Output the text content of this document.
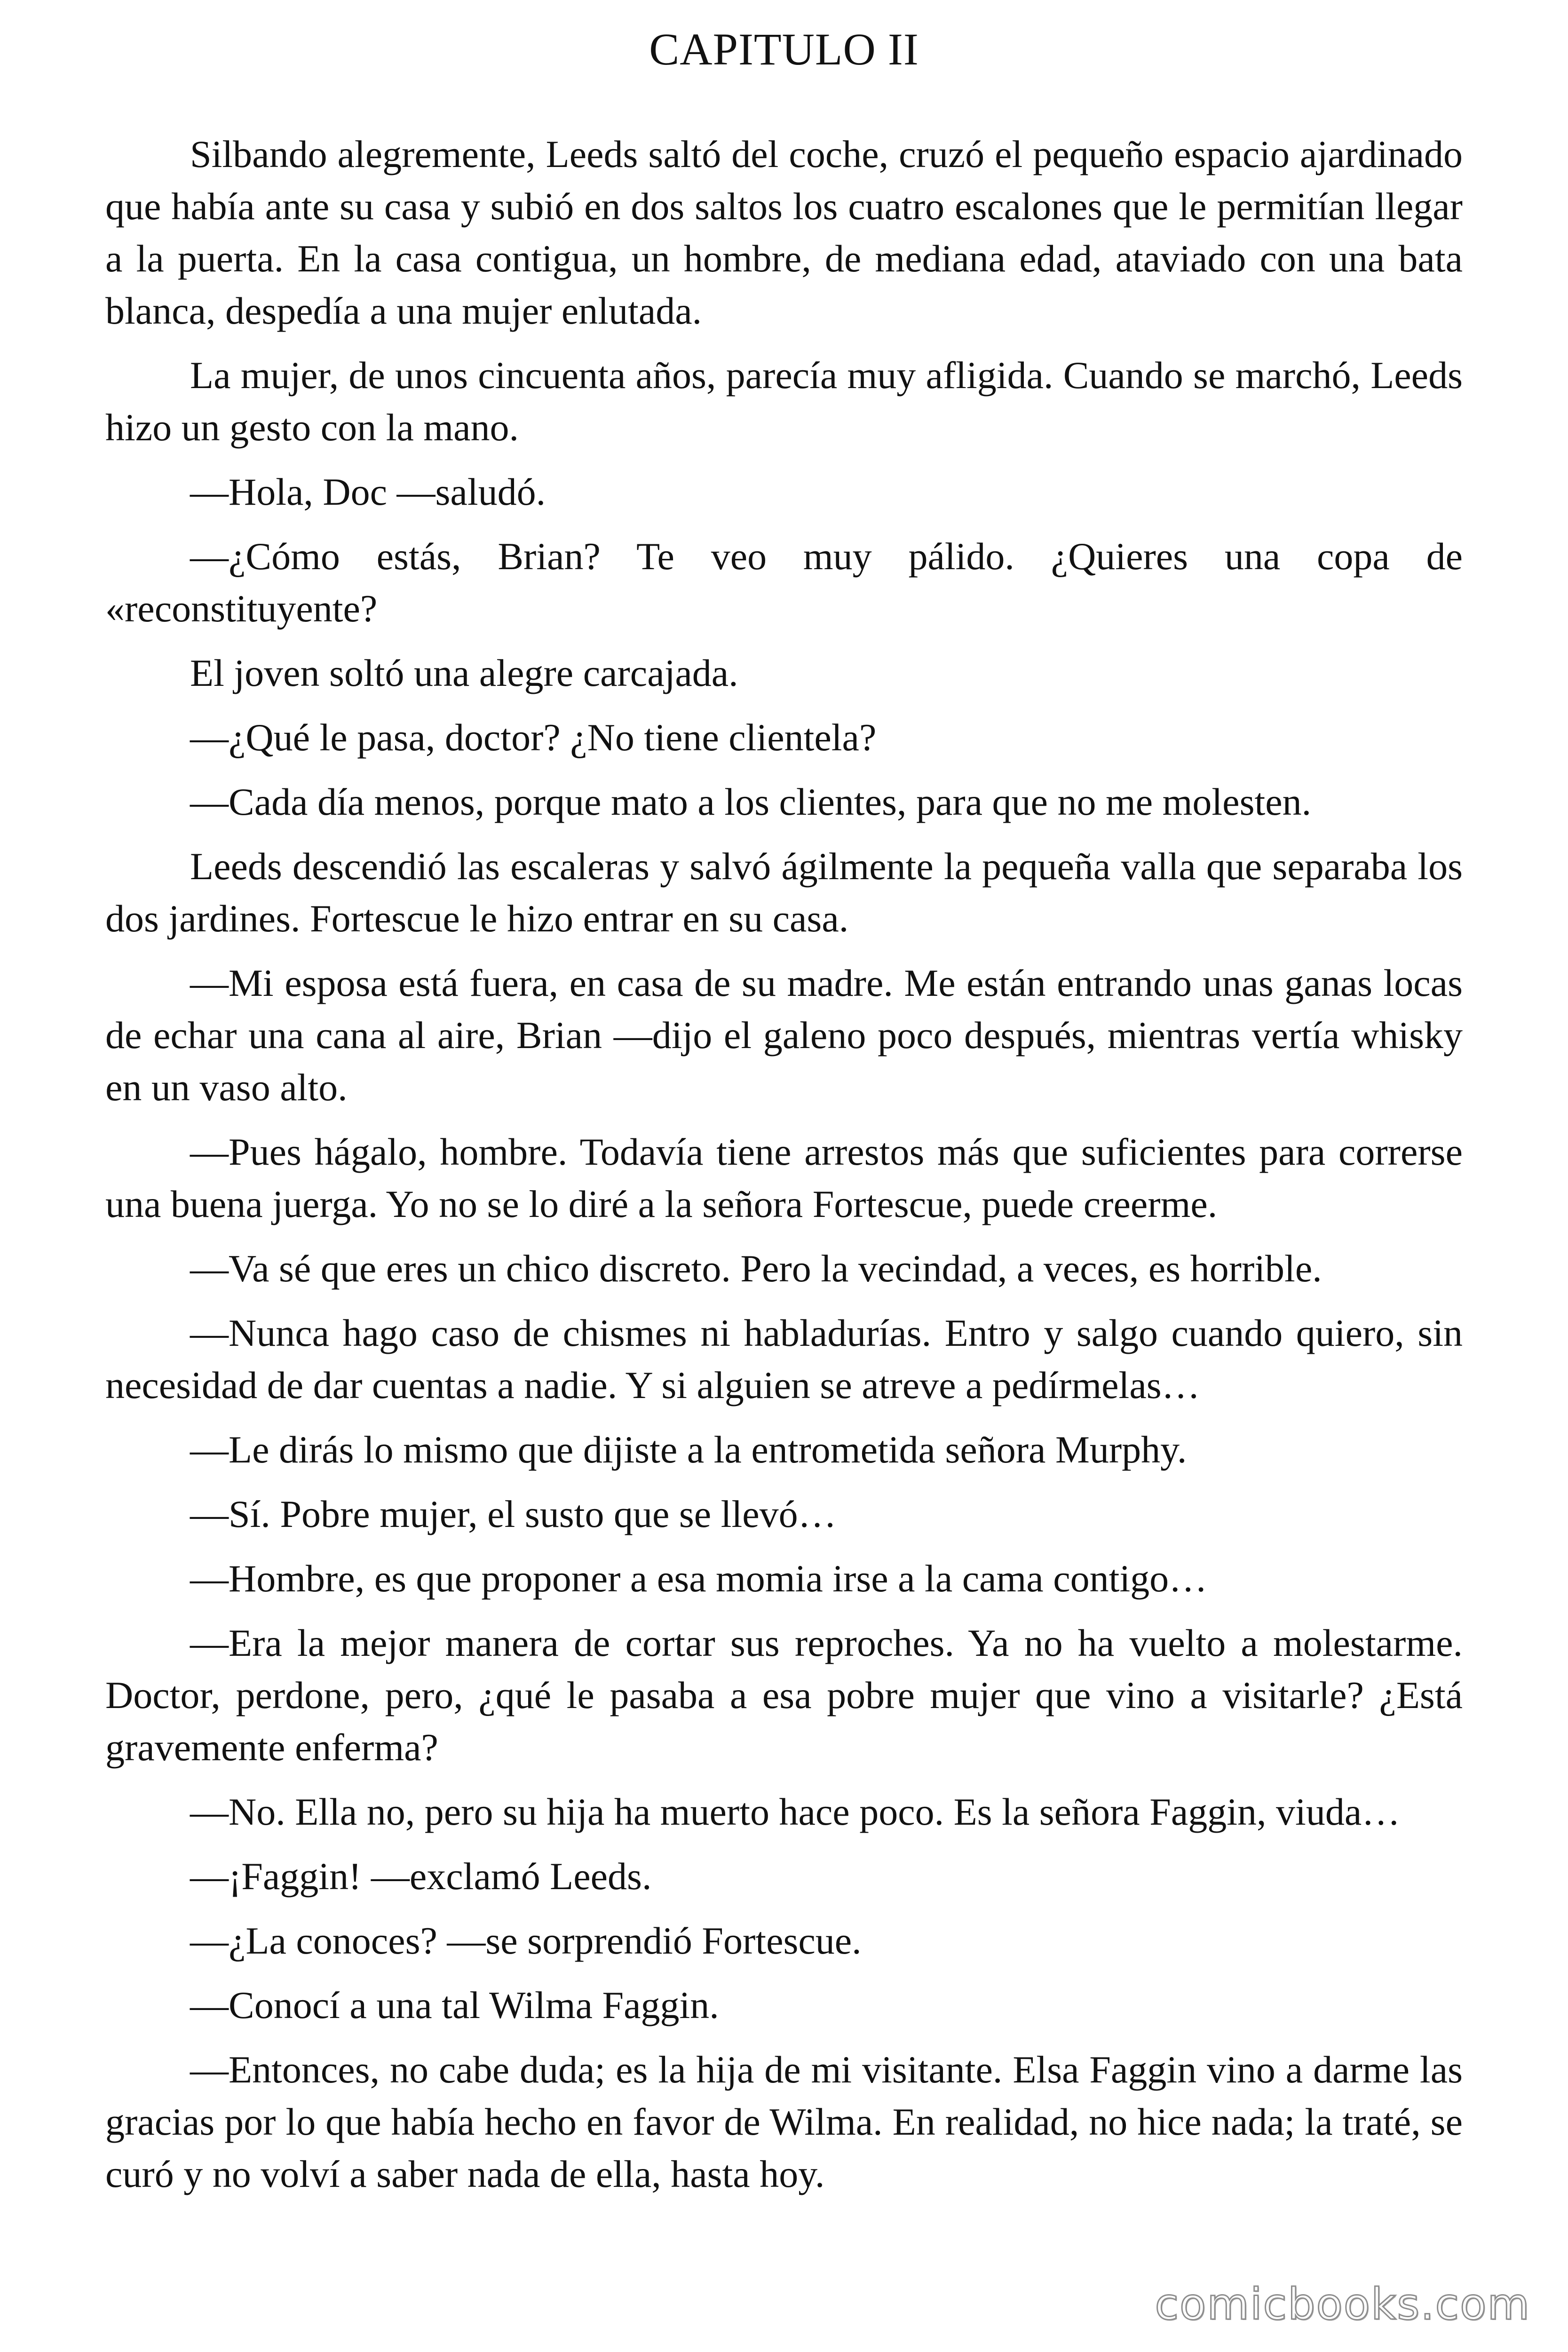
CAPITULO II

Silbando alegremente, Leeds saltó del coche, cruzó el pequeño espacio ajardinado que había ante su casa y subió en dos saltos los cuatro escalones que le permitían llegar a la puerta. En la casa contigua, un hombre, de mediana edad, ataviado con una bata blanca, despedía a una mujer enlutada.

La mujer, de unos cincuenta años, parecía muy afligida. Cuando se marchó, Leeds hizo un gesto con la mano.

—Hola, Doc —saludó.

—¿Cómo estás, Brian? Te veo muy pálido. ¿Quieres una copa de «reconstituyente?

El joven soltó una alegre carcajada.

—¿Qué le pasa, doctor? ¿No tiene clientela?

—Cada día menos, porque mato a los clientes, para que no me molesten.

Leeds descendió las escaleras y salvó ágilmente la pequeña valla que separaba los dos jardines. Fortescue le hizo entrar en su casa.

—Mi esposa está fuera, en casa de su madre. Me están entrando unas ganas locas de echar una cana al aire, Brian —dijo el galeno poco después, mientras vertía whisky en un vaso alto.

—Pues hágalo, hombre. Todavía tiene arrestos más que suficientes para correrse una buena juerga. Yo no se lo diré a la señora Fortescue, puede creerme.

—Va sé que eres un chico discreto. Pero la vecindad, a veces, es horrible.

—Nunca hago caso de chismes ni habladurías. Entro y salgo cuando quiero, sin necesidad de dar cuentas a nadie. Y si alguien se atreve a pedírmelas…

—Le dirás lo mismo que dijiste a la entrometida señora Murphy.

—Sí. Pobre mujer, el susto que se llevó…

—Hombre, es que proponer a esa momia irse a la cama contigo…

—Era la mejor manera de cortar sus reproches. Ya no ha vuelto a molestarme. Doctor, perdone, pero, ¿qué le pasaba a esa pobre mujer que vino a visitarle? ¿Está gravemente enferma?

—No. Ella no, pero su hija ha muerto hace poco. Es la señora Faggin, viuda…

—¡Faggin! —exclamó Leeds.

—¿La conoces? —se sorprendió Fortescue.

—Conocí a una tal Wilma Faggin.

—Entonces, no cabe duda; es la hija de mi visitante. Elsa Faggin vino a darme las gracias por lo que había hecho en favor de Wilma. En realidad, no hice nada; la traté, se curó y no volví a saber nada de ella, hasta hoy.

comicbooks.com
